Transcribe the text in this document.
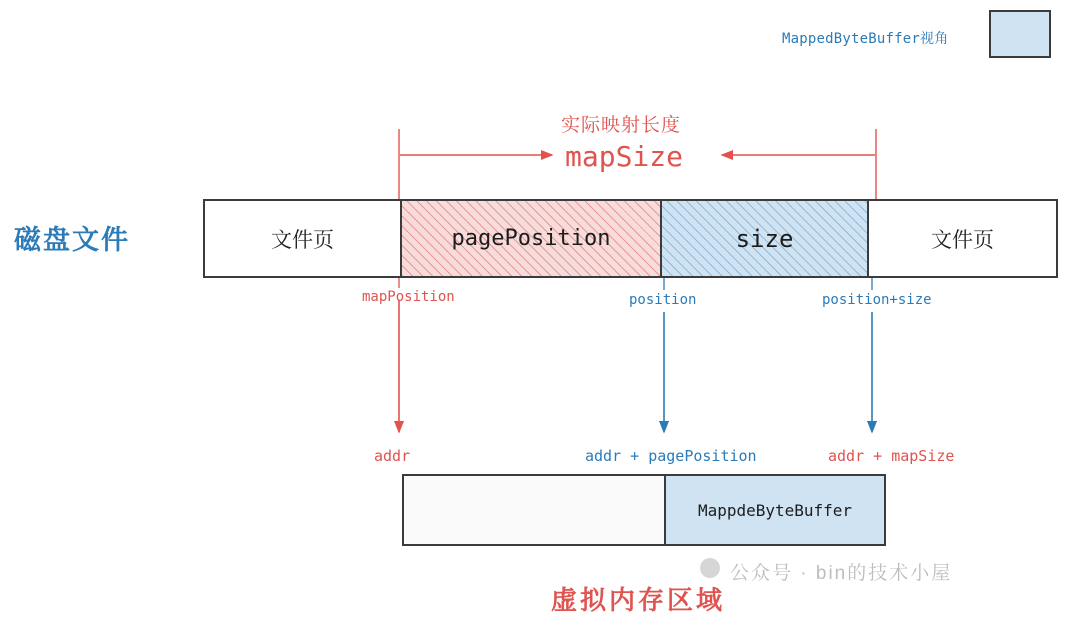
MappedByteBuffer视角
磁盘文件
虚拟内存区域
文件页	pagePosition	size	文件页
MappdeByteBuffer
实际映射长度
mapSize
mapPosition	position	position+size
addr	addr + pagePosition	addr + mapSize
公众号 · bin的技术小屋
